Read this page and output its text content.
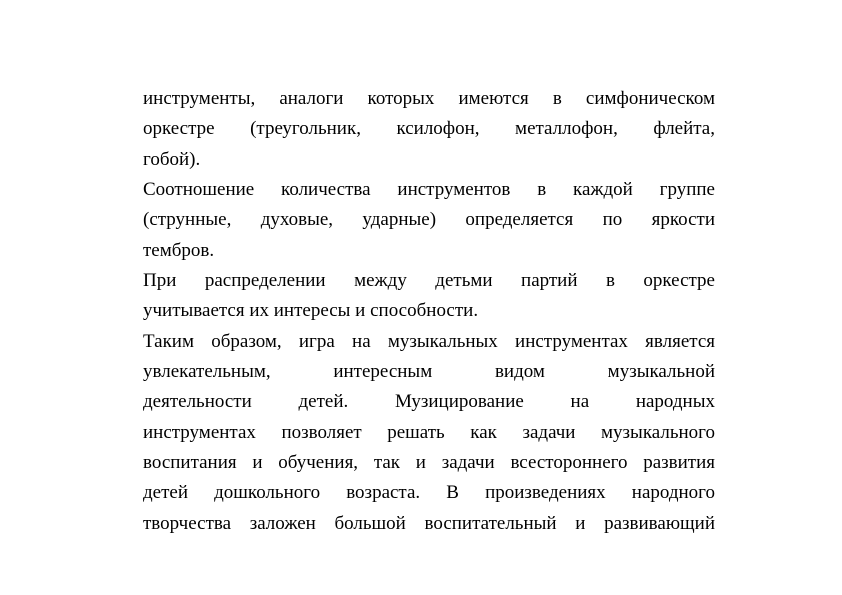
инструменты, аналоги которых имеются в симфоническом
оркестре (треугольник, ксилофон, металлофон, флейта,
гобой).
Соотношение количества инструментов в каждой группе
(струнные, духовые, ударные) определяется по яркости
тембров.
При распределении между детьми партий в оркестре
учитывается их интересы и способности.
Таким образом, игра на музыкальных инструментах является
увлекательным, интересным видом музыкальной
деятельности детей. Музицирование на народных
инструментах позволяет решать как задачи музыкального
воспитания и обучения, так и задачи всестороннего развития
детей дошкольного возраста. В произведениях народного
творчества заложен большой воспитательный и развивающий
